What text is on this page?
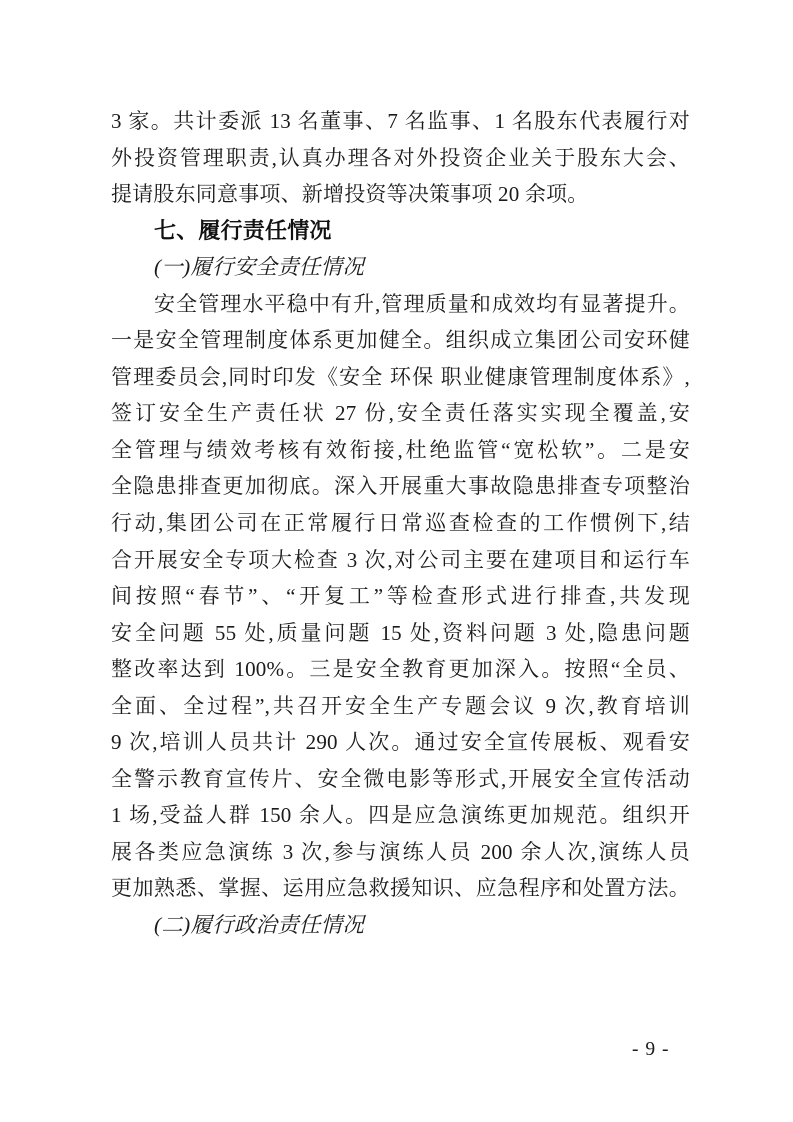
3 家。共计委派 13 名董事、7 名监事、1 名股东代表履行对
外投资管理职责,认真办理各对外投资企业关于股东大会、
提请股东同意事项、新增投资等决策事项 20 余项。
七、履行责任情况
(一)履行安全责任情况
安全管理水平稳中有升,管理质量和成效均有显著提升。
一是安全管理制度体系更加健全。组织成立集团公司安环健
管理委员会,同时印发《安全 环保 职业健康管理制度体系》,
签订安全生产责任状 27 份,安全责任落实实现全覆盖,安
全管理与绩效考核有效衔接,杜绝监管“宽松软”。二是安
全隐患排查更加彻底。深入开展重大事故隐患排查专项整治
行动,集团公司在正常履行日常巡查检查的工作惯例下,结
合开展安全专项大检查 3 次,对公司主要在建项目和运行车
间按照“春节”、“开复工”等检查形式进行排查,共发现
安全问题 55 处,质量问题 15 处,资料问题 3 处,隐患问题
整改率达到 100%。三是安全教育更加深入。按照“全员、
全面、全过程”,共召开安全生产专题会议 9 次,教育培训
9 次,培训人员共计 290 人次。通过安全宣传展板、观看安
全警示教育宣传片、安全微电影等形式,开展安全宣传活动
1 场,受益人群 150 余人。四是应急演练更加规范。组织开
展各类应急演练 3 次,参与演练人员 200 余人次,演练人员
更加熟悉、掌握、运用应急救援知识、应急程序和处置方法。
(二)履行政治责任情况
- 9 -
